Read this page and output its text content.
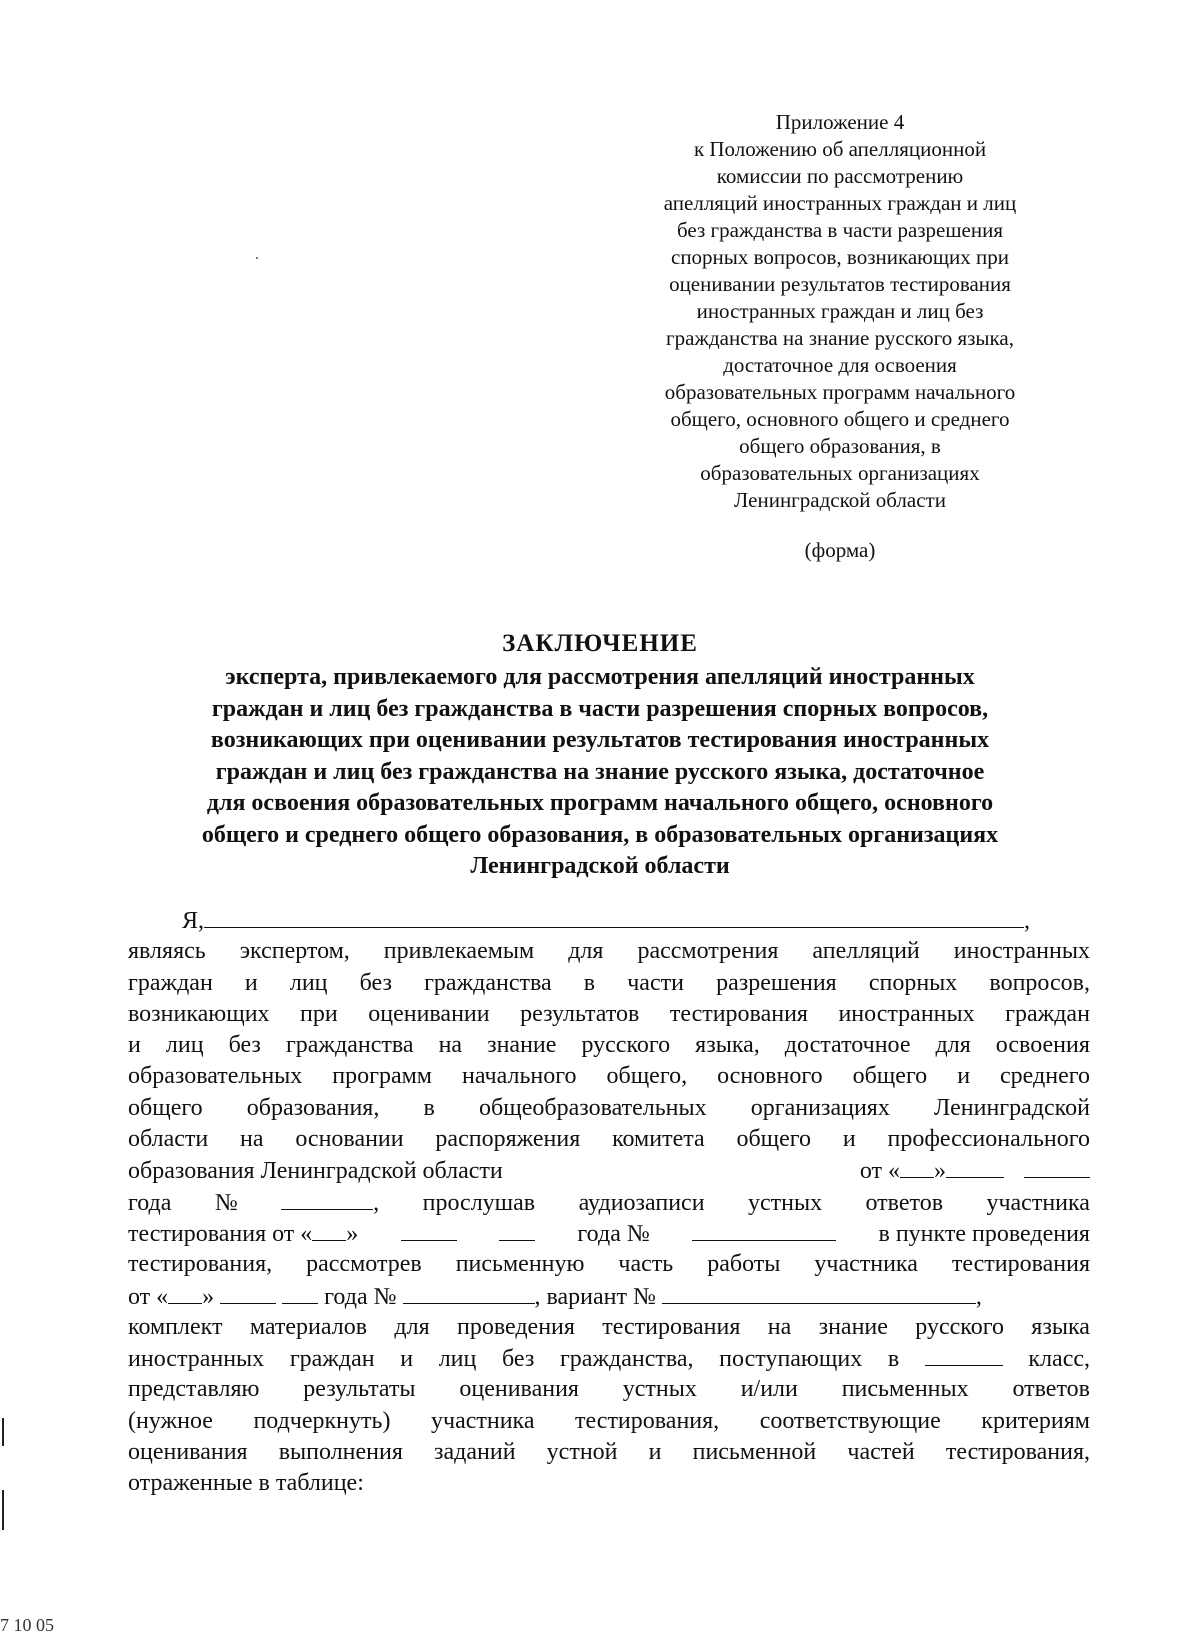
Приложение 4
к Положению об апелляционной
комиссии по рассмотрению
апелляций иностранных граждан и лиц
без гражданства в части разрешения
спорных вопросов, возникающих при
оценивании результатов тестирования
иностранных граждан и лиц без
гражданства на знание русского языка,
достаточное для освоения
образовательных программ начального
общего, основного общего и среднего
общего образования, в
образовательных организациях
Ленинградской области
(форма)
ЗАКЛЮЧЕНИЕ
эксперта, привлекаемого для рассмотрения апелляций иностранных
граждан и лиц без гражданства в части разрешения спорных вопросов,
возникающих при оценивании результатов тестирования иностранных
граждан и лиц без гражданства на знание русского языка, достаточное
для освоения образовательных программ начального общего, основного
общего и среднего общего образования, в образовательных организациях
Ленинградской области
Я,	,
являясь экспертом, привлекаемым для рассмотрения апелляций иностранных
граждан и лиц без гражданства в части разрешения спорных вопросов,
возникающих при оценивании результатов тестирования иностранных граждан
и лиц без гражданства на знание русского языка, достаточное для освоения
образовательных программ начального общего, основного общего и среднего
общего образования, в общеобразовательных организациях Ленинградской
области на основании распоряжения комитета общего и профессионального
образования Ленинградской области	от « »
года №	, прослушав аудиозаписи устных ответов участника
тестирования от « »	года №	в пункте проведения
тестирования, рассмотрев письменную часть работы участника тестирования
от « »	года №	, вариант №	,
комплект материалов для проведения тестирования на знание русского языка
иностранных граждан и лиц без гражданства, поступающих в	класс,
представляю результаты оценивания устных и/или письменных ответов
(нужное подчеркнуть) участника тестирования, соответствующие критериям
оценивания выполнения заданий устной и письменной частей тестирования,
отраженные в таблице:
7 10 05
